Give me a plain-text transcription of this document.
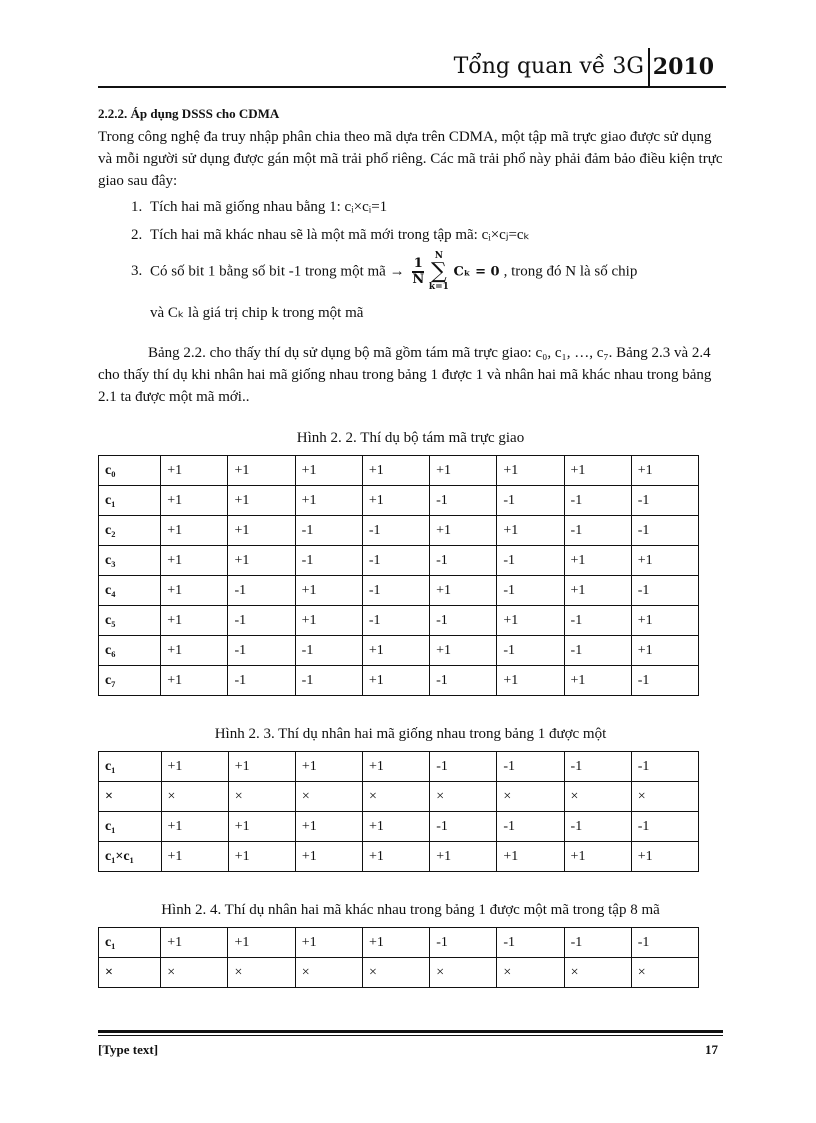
Tổng quan về 3G 2010
2.2.2. Áp dụng DSSS cho CDMA

Trong công nghệ đa truy nhập phân chia theo mã dựa trên CDMA, một tập mã trực giao được sử dụng và mỗi người sử dụng được gán một mã trải phổ riêng. Các mã trải phổ này phải đảm bảo điều kiện trực giao sau đây:

1. Tích hai mã giống nhau bằng 1: cᵢ×cᵢ=1
2. Tích hai mã khác nhau sẽ là một mã mới trong tập mã: cᵢ×cⱼ=cₖ
3. Có số bit 1 bằng số bit -1 trong một mã → $\frac{1}{N}$

N
∑
k=1
Cₖ = 0 , trong đó N là số chip
và Cₖ là giá trị chip k trong một mã

Bảng 2.2. cho thấy thí dụ sử dụng bộ mã gồm tám mã trực giao: c₀, c₁, …, c₇. Bảng 2.3 và 2.4 cho thấy thí dụ khi nhân hai mã giống nhau trong bảng 1 được 1 và nhân hai mã khác nhau trong bảng 2.1 ta được một mã mới..

Hình 2. 2. Thí dụ bộ tám mã trực giao
c₀	+1	+1	+1	+1	+1	+1	+1	+1
c₁	+1	+1	+1	+1	-1	-1	-1	-1
c₂	+1	+1	-1	-1	+1	+1	-1	-1
c₃	+1	+1	-1	-1	-1	-1	+1	+1
c₄	+1	-1	+1	-1	+1	-1	+1	-1
c₅	+1	-1	+1	-1	-1	+1	-1	+1
c₆	+1	-1	-1	+1	+1	-1	-1	+1
c₇	+1	-1	-1	+1	-1	+1	+1	-1
Hình 2. 3. Thí dụ nhân hai mã giống nhau trong bảng 1 được một
c₁	+1	+1	+1	+1	-1	-1	-1	-1
×	×	×	×	×	×	×	×	×
c₁	+1	+1	+1	+1	-1	-1	-1	-1
c₁×c₁	+1	+1	+1	+1	+1	+1	+1	+1
Hình 2. 4. Thí dụ nhân hai mã khác nhau trong bảng 1 được một mã trong tập 8 mã
c₁	+1	+1	+1	+1	-1	-1	-1	-1
×	×	×	×	×	×	×	×	×
[Type text]	17
